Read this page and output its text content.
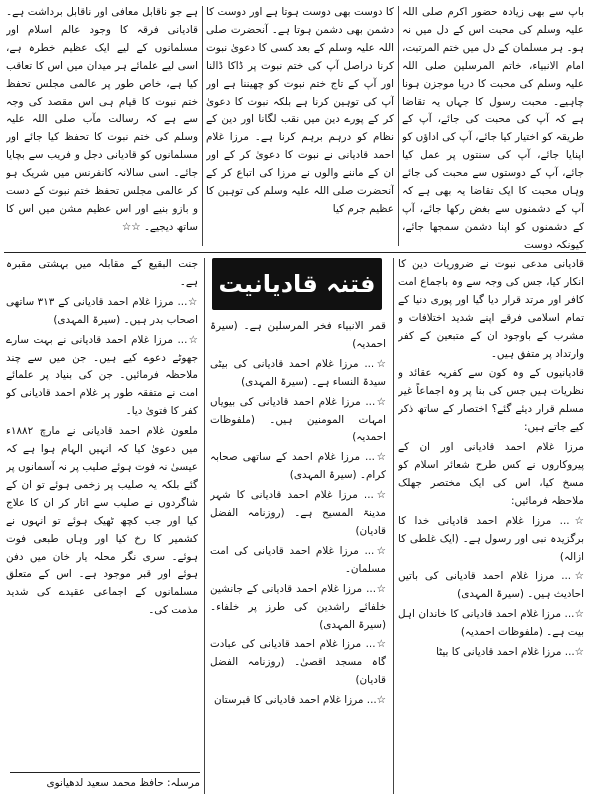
باپ سے بھی زیادہ حضور اکرم صلی اللہ علیہ وسلم کی محبت اس کے دل میں نہ ہو۔ ہر مسلمان کے دل میں ختم المرتبت، امام الانبیاء، خاتم المرسلین صلی اللہ علیہ وسلم کی محبت کا دریا موجزن ہونا چاہیے۔ محبت رسول کا جہاں یہ تقاضا ہے کہ آپ کی محبت کی جائے، آپ کے طریقہ کو اختیار کیا جائے، آپ کی اداؤں کو اپنایا جائے، آپ کی سنتوں پر عمل کیا جائے، آپ کے دوستوں سے محبت کی جائے وہاں محبت کا ایک تقاضا یہ بھی ہے کہ آپ کے دشمنوں سے بغض رکھا جائے، آپ کے دشمنوں کو اپنا دشمن سمجھا جائے، کیونکہ دوست

کا دوست بھی دوست ہوتا ہے اور دوست کا دشمن بھی دشمن ہوتا ہے۔ آنحضرت صلی اللہ علیہ وسلم کے بعد کسی کا دعویٰ نبوت کرنا دراصل آپ کی ختم نبوت پر ڈاکا ڈالنا اور آپ کے تاج ختم نبوت کو چھیننا ہے اور آپ کی توہین کرنا ہے بلکہ نبوت کا دعویٰ کر کے پورے دین میں نقب لگانا اور دین کے نظام کو درہم برہم کرنا ہے۔ مرزا غلام احمد قادیانی نے نبوت کا دعویٰ کر کے اور ان کے ماننے والوں نے مرزا کی اتباع کر کے آنحضرت صلی اللہ علیہ وسلم کی توہین کا عظیم جرم کیا

ہے جو ناقابل معافی اور ناقابل برداشت ہے۔ قادیانی فرقہ کا وجود عالم اسلام اور مسلمانوں کے لیے ایک عظیم خطرہ ہے، اسی لیے علمائے ہر میدان میں اس کا تعاقب کیا ہے، خاص طور پر عالمی مجلس تحفظ ختم نبوت کا قیام ہی اس مقصد کی وجہ سے ہے کہ رسالت مآب صلی اللہ علیہ وسلم کی ختم نبوت کا تحفظ کیا جائے اور مسلمانوں کو قادیانی دجل و فریب سے بچایا جائے۔ اسی سالانہ کانفرنس میں شریک ہو کر عالمی مجلس تحفظ ختم نبوت کے دست و بازو بنیے اور اس عظیم مشن میں اس کا ساتھ دیجیے۔ ☆☆

فتنہ قادیانیت

قادیانی مدعی نبوت نے ضروریات دین کا انکار کیا، جس کی وجہ سے وہ باجماع امت کافر اور مرتد قرار دیا گیا اور پوری دنیا کے تمام اسلامی فرقے اپنے شدید اختلافات و مشرب کے باوجود ان کے متبعین کے کفر وارتداد پر متفق ہیں۔

قادیانیوں کے وہ کون سے کفریہ عقائد و نظریات ہیں جس کی بنا پر وہ اجماعاً غیر مسلم قرار دیئے گئے؟ اختصار کے ساتھ ذکر کیے جاتے ہیں:

مرزا غلام احمد قادیانی اور ان کے پیروکاروں نے کس طرح شعائر اسلام کو مسخ کیا، اس کی ایک مختصر جھلک ملاحظہ فرمائیں:

☆... مرزا غلام احمد قادیانی خدا کا برگزیدہ نبی اور رسول ہے۔ (ایک غلطی کا ازالہ)

☆... مرزا غلام احمد قادیانی کی باتیں احادیث ہیں۔ (سیرۃ المہدی)

☆... مرزا غلام احمد قادیانی کا خاندان اہل بیت ہے۔ (ملفوظات احمدیہ)

☆... مرزا غلام احمد قادیانی کا بیٹا

قمر الانبیاء فخر المرسلین ہے۔ (سیرۃ احمدیہ)

☆... مرزا غلام احمد قادیانی کی بیٹی سیدۃ النساء ہے۔ (سیرۃ المہدی)

☆... مرزا غلام احمد قادیانی کی بیویاں امہات المومنین ہیں۔ (ملفوظات احمدیہ)

☆... مرزا غلام احمد کے ساتھی صحابہ کرام۔ (سیرۃ المہدی)

☆... مرزا غلام احمد قادیانی کا شہر مدینۃ المسیح ہے۔ (روزنامہ الفضل قادیان)

☆... مرزا غلام احمد قادیانی کی امت مسلمان۔

☆... مرزا غلام احمد قادیانی کے جانشین خلفائے راشدین کی طرز پر خلفاء۔ (سیرۃ المہدی)

☆... مرزا غلام احمد قادیانی کی عبادت گاہ مسجد اقصیٰ۔ (روزنامہ الفضل قادیان)

☆... مرزا غلام احمد قادیانی کا قبرستان

جنت البقیع کے مقابلہ میں بہشتی مقبرہ ہے۔

☆... مرزا غلام احمد قادیانی کے ۳۱۳ ساتھی اصحاب بدر ہیں۔ (سیرۃ المہدی)

☆... مرزا غلام احمد قادیانی نے بہت سارے جھوٹے دعوے کیے ہیں۔ جن میں سے چند ملاحظہ فرمائیں۔ جن کی بنیاد پر علمائے امت نے متفقہ طور پر غلام احمد قادیانی کو کفر کا فتویٰ دیا۔

ملعون غلام احمد قادیانی نے مارچ ۱۸۸۲ء میں دعویٰ کیا کہ انہیں الہام ہوا ہے کہ عیسیٰ نہ فوت ہوئے صلیب پر نہ آسمانوں پر گئے بلکہ یہ صلیب پر زخمی ہوئے تو ان کے شاگردوں نے صلیب سے اتار کر ان کا علاج کیا اور جب کچھ ٹھیک ہوئے تو انہوں نے کشمیر کا رخ کیا اور وہاں طبعی فوت ہوئے۔ سری نگر محلہ یار خان میں دفن ہوئے اور قبر موجود ہے۔ اس کے متعلق مسلمانوں کے اجماعی عقیدے کی شدید مذمت کی۔

مرسلہ: حافظ محمد سعید لدھیانوی
